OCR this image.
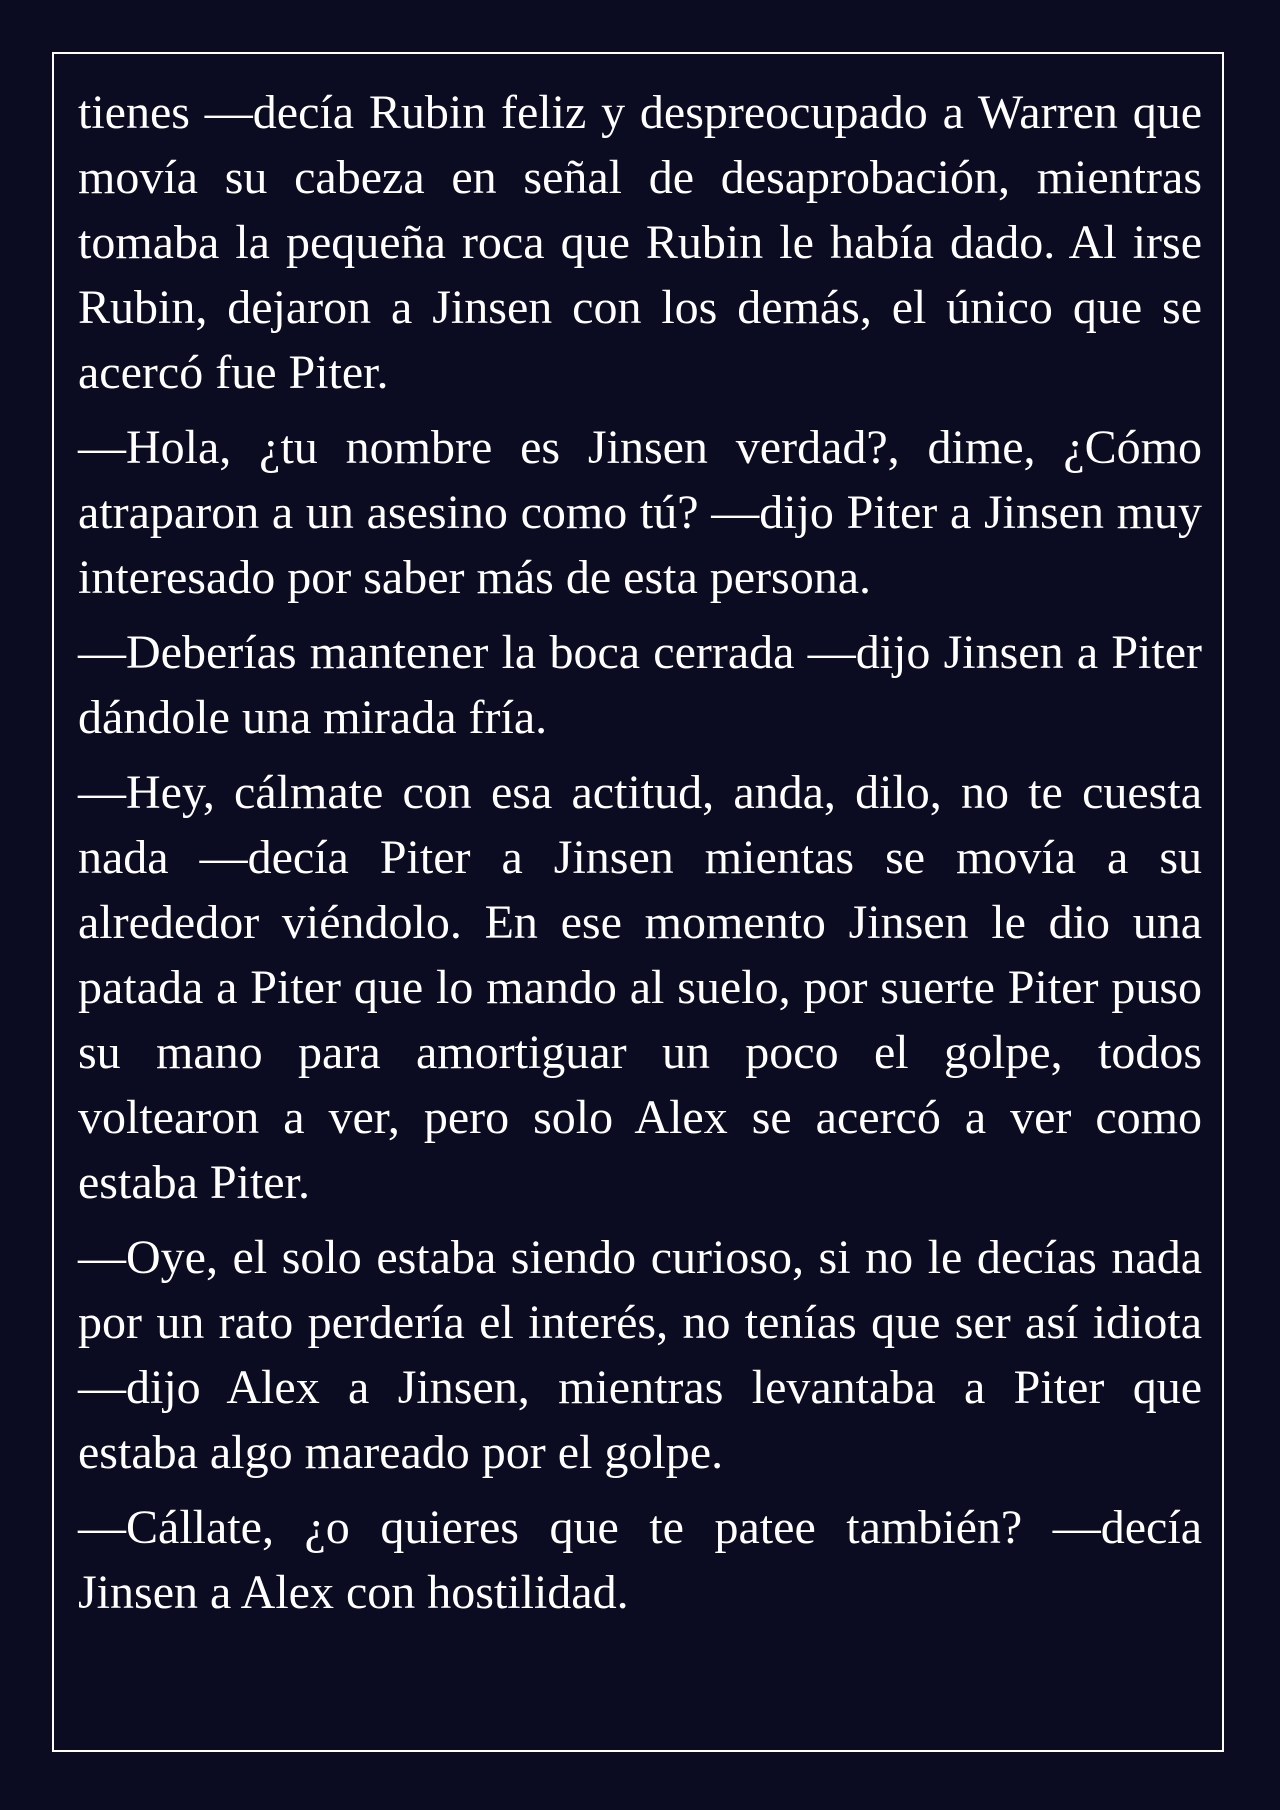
tienes —decía Rubin feliz y despreocupado a Warren que movía su cabeza en señal de desaprobación, mientras tomaba la pequeña roca que Rubin le había dado. Al irse Rubin, dejaron a Jinsen con los demás, el único que se acercó fue Piter.

—Hola, ¿tu nombre es Jinsen verdad?, dime, ¿Cómo atraparon a un asesino como tú? —dijo Piter a Jinsen muy interesado por saber más de esta persona.

—Deberías mantener la boca cerrada —dijo Jinsen a Piter dándole una mirada fría.

—Hey, cálmate con esa actitud, anda, dilo, no te cuesta nada —decía Piter a Jinsen mientas se movía a su alrededor viéndolo. En ese momento Jinsen le dio una patada a Piter que lo mando al suelo, por suerte Piter puso su mano para amortiguar un poco el golpe, todos voltearon a ver, pero solo Alex se acercó a ver como estaba Piter.

—Oye, el solo estaba siendo curioso, si no le decías nada por un rato perdería el interés, no tenías que ser así idiota —dijo Alex a Jinsen, mientras levantaba a Piter que estaba algo mareado por el golpe.

—Cállate, ¿o quieres que te patee también? —decía Jinsen a Alex con hostilidad.
